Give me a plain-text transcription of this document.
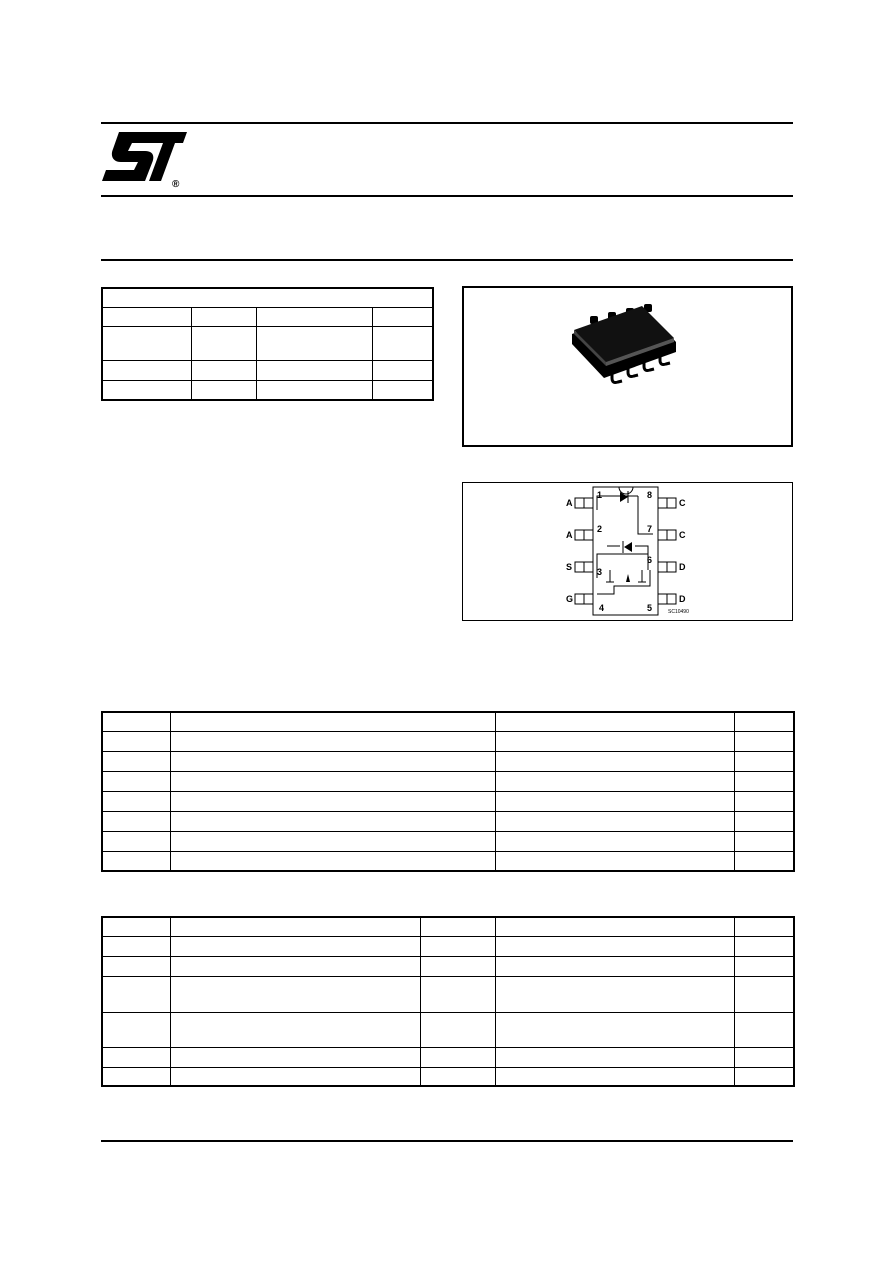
®

A
A
S
G
1
2
3
4
C
C
D
D
8
7
6
5	SC10490
